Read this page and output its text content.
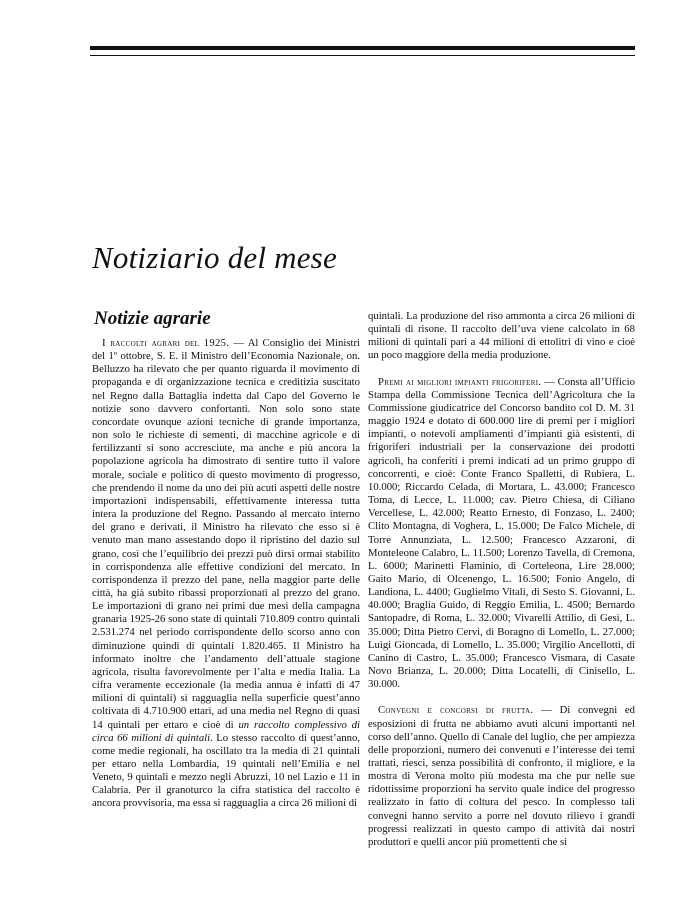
Notiziario del mese
Notizie agrarie

I raccolti agrari del 1925. — Al Consiglio dei Ministri del 1º ottobre, S. E. il Ministro dell’Economia Nazionale, on. Belluzzo ha rilevato che per quanto riguarda il movimento di propaganda e di organizzazione tecnica e creditizia suscitato nel Regno dalla Battaglia indetta dal Capo del Governo le notizie sono davvero confortanti. Non solo sono state concordate ovunque azioni tecniche di grande importanza, non solo le richieste di sementi, di macchine agricole e di fertilizzanti si sono accresciute, ma anche e più ancora la popolazione agricola ha dimostrato di sentire tutto il valore morale, sociale e politico di questo movimento di progresso, che prendendo il nome da uno dei più acuti aspetti delle nostre importazioni indispensabili, effettivamente interessa tutta intera la produzione del Regno. Passando al mercato interno del grano e derivati, il Ministro ha rilevato che esso si è venuto man mano assestando dopo il ripristino del dazio sul grano, così che l’equilibrio dei prezzi può dirsi ormai stabilito in corrispondenza alle effettive condizioni del mercato. In corrispondenza il prezzo del pane, nella maggior parte delle città, ha già subito ribassi proporzionati al prezzo del grano. Le importazioni di grano nei primi due mesi della campagna granaria 1925-26 sono state di quintali 710.809 contro quintali 2.531.274 nel periodo corrispondente dello scorso anno con diminuzione quindi di quintali 1.820.465. Il Ministro ha informato inoltre che l’andamento dell’attuale stagione agricola, risulta favorevolmente per l’alta e media Italia. La cifra veramente eccezionale (la media annua è infatti di 47 milioni di quintali) si ragguaglia nella superficie quest’anno coltivata di 4.710.900 ettari, ad una media nel Regno di quasi 14 quintali per ettaro e cioè di un raccolto complessivo di circa 66 milioni di quintali. Lo stesso raccolto di quest’anno, come medie regionali, ha oscillato tra la media di 21 quintali per ettaro nella Lombardia, 19 quintali nell’Emilia e nel Veneto, 9 quintali e mezzo negli Abruzzi, 10 nel Lazio e 11 in Calabria. Per il granoturco la cifra statistica del raccolto è ancora provvisoria, ma essa si ragguaglia a circa 26 milioni di

quintali. La produzione del riso ammonta a circa 26 milioni di quintali di risone. Il raccolto dell’uva viene calcolato in 68 milioni di quintali pari a 44 milioni di ettolitri di vino e cioè un poco maggiore della media produzione.

Premi ai migliori impianti frigoriferi. — Consta all’Ufficio Stampa della Commissione Tecnica dell’Agricoltura che la Commissione giudicatrice del Concorso bandito col D. M. 31 maggio 1924 e dotato di 600.000 lire di premi per i migliori impianti, o notevoli ampliamenti d’impianti già esistenti, di frigoriferi industriali per la conservazione dei prodotti agricoli, ha conferiti i premi indicati ad un primo gruppo di concorrenti, e cioè: Conte Franco Spalletti, di Rubiera, L. 10.000; Riccardo Celada, di Mortara, L. 43.000; Francesco Toma, di Lecce, L. 11.000; cav. Pietro Chiesa, di Ciliano Vercellese, L. 42.000; Reatto Ernesto, di Fonzaso, L. 2400; Clito Montagna, di Voghera, L. 15.000; De Falco Michele, di Torre Annunziata, L. 12.500; Francesco Azzaroni, di Monteleone Calabro, L. 11.500; Lorenzo Tavella, di Cremona, L. 6000; Marinetti Flaminio, di Corteleona, Lire 28.000; Gaito Mario, di Olcenengo, L. 16.500; Fonio Angelo, di Landiona, L. 4400; Guglielmo Vitali, di Sesto S. Giovanni, L. 40.000; Braglia Guido, di Reggio Emilia, L. 4500; Bernardo Santopadre, di Roma, L. 32.000; Vivarelli Attilio, di Gesi, L. 35.000; Ditta Pietro Cervi, di Boragno di Lomello, L. 27.000; Luigi Gioncada, di Lomello, L. 35.000; Virgilio Ancellotti, di Canino di Castro, L. 35.000; Francesco Vismara, di Casate Novo Brianza, L. 20.000; Ditta Locatelli, di Cinisello, L. 30.000.

Convegni e concorsi di frutta. — Di convegni ed esposizioni di frutta ne abbiamo avuti alcuni importanti nel corso dell’anno. Quello di Canale del luglio, che per ampiezza delle proporzioni, numero dei convenuti e l’interesse dei temi trattati, riesci, senza possibilità di confronto, il migliore, e la mostra di Verona molto più modesta ma che pur nelle sue ridottissime proporzioni ha servito quale indice del progresso realizzato in fatto di coltura del pesco. In complesso tali convegni hanno servito a porre nel dovuto rilievo i grandi progressi realizzati in questo campo di attività dai nostri produttori e quelli ancor più promettenti che si
